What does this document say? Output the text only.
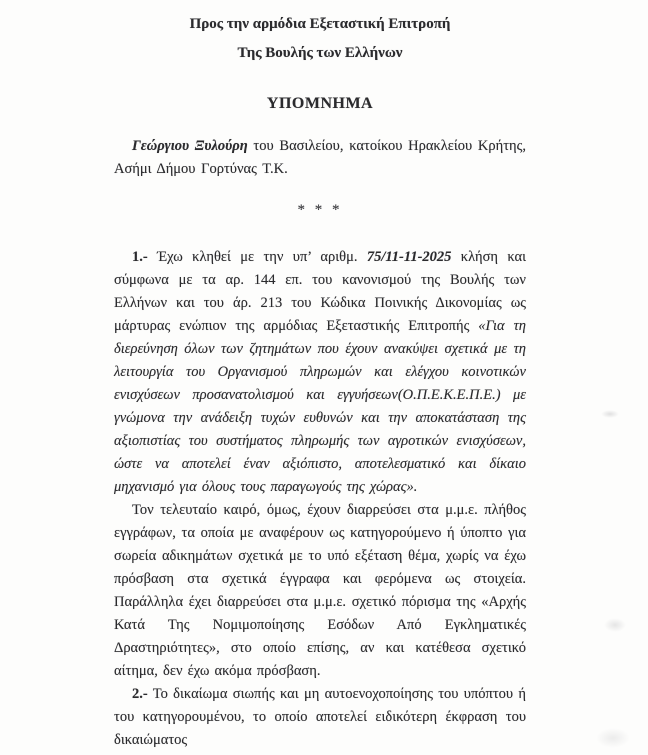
Προς την αρμόδια Εξεταστική Επιτροπή

Της Βουλής των Ελλήνων

ΥΠΟΜΝΗΜΑ

Γεώργιου Ξυλούρη του Βασιλείου, κατοίκου Ηρακλείου Κρήτης, Ασήμι Δήμου Γορτύνας Τ.Κ.

* * *

1.- Έχω κληθεί με την υπ’ αριθμ. 75/11-11-2025 κλήση και σύμφωνα με τα αρ. 144 επ. του κανονισμού της Βουλής των Ελλήνων και του άρ. 213 του Κώδικα Ποινικής Δικονομίας ως μάρτυρας ενώπιον της αρμόδιας Εξεταστικής Επιτροπής «Για τη διερεύνηση όλων των ζητημάτων που έχουν ανακύψει σχετικά με τη λειτουργία του Οργανισμού πληρωμών και ελέγχου κοινοτικών ενισχύσεων προσανατολισμού και εγγυήσεων(Ο.Π.Ε.Κ.Ε.Π.Ε.) με γνώμονα την ανάδειξη τυχών ευθυνών και την αποκατάσταση της αξιοπιστίας του συστήματος πληρωμής των αγροτικών ενισχύσεων, ώστε να αποτελεί έναν αξιόπιστο, αποτελεσματικό και δίκαιο μηχανισμό για όλους τους παραγωγούς της χώρας».

Τον τελευταίο καιρό, όμως, έχουν διαρρεύσει στα μ.μ.ε. πλήθος εγγράφων, τα οποία με αναφέρουν ως κατηγορούμενο ή ύποπτο για σωρεία αδικημάτων σχετικά με το υπό εξέταση θέμα, χωρίς να έχω πρόσβαση στα σχετικά έγγραφα και φερόμενα ως στοιχεία. Παράλληλα έχει διαρρεύσει στα μ.μ.ε. σχετικό πόρισμα της «Αρχής Κατά Της Νομιμοποίησης Εσόδων Από Εγκληματικές Δραστηριότητες», στο οποίο επίσης, αν και κατέθεσα σχετικό αίτημα, δεν έχω ακόμα πρόσβαση.

2.- Το δικαίωμα σιωπής και μη αυτοενοχοποίησης του υπόπτου ή του κατηγορουμένου, το οποίο αποτελεί ειδικότερη έκφραση του δικαιώματος
